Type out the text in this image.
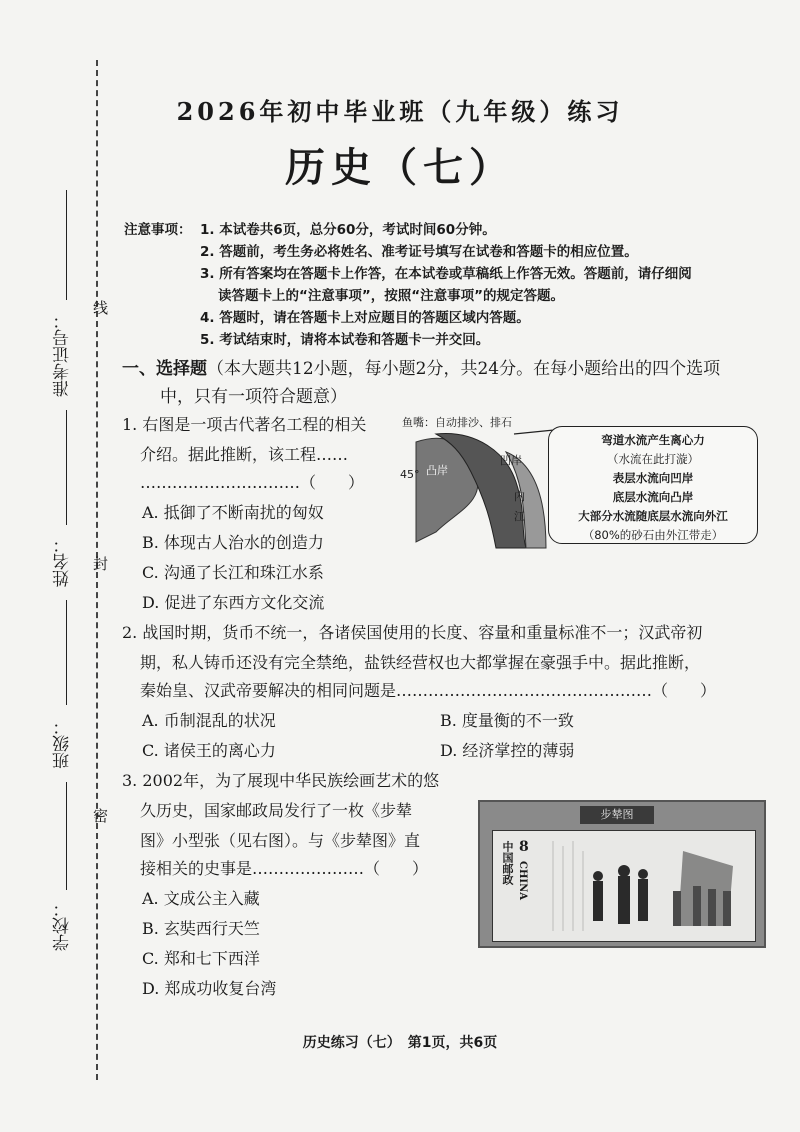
线
封
密
准考证号：
姓名：
班级：
学校：
2026年初中毕业班（九年级）练习
历史（七）
注意事项： 1. 本试卷共6页，总分60分，考试时间60分钟。
2. 答题前，考生务必将姓名、准考证号填写在试卷和答题卡的相应位置。
3. 所有答案均在答题卡上作答，在本试卷或草稿纸上作答无效。答题前，请仔细阅
读答题卡上的“注意事项”，按照“注意事项”的规定答题。
4. 答题时，请在答题卡上对应题目的答题区域内答题。
5. 考试结束时，请将本试卷和答题卡一并交回。
一、选择题（本大题共12小题，每小题2分，共24分。在每小题给出的四个选项
中，只有一项符合题意）
1. 右图是一项古代著名工程的相关
介绍。据此推断，该工程……
…………………………（　　）
A. 抵御了不断南扰的匈奴
B. 体现古人治水的创造力
C. 沟通了长江和珠江水系
D. 促进了东西方文化交流
鱼嘴：自动排沙、排石
45° 凸岸
凹岸
内
江
弯道水流产生离心力
（水流在此打漩）
表层水流向凹岸
底层水流向凸岸
大部分水流随底层水流向外江
（80%的砂石由外江带走）
2. 战国时期，货币不统一，各诸侯国使用的长度、容量和重量标准不一；汉武帝初
期，私人铸币还没有完全禁绝，盐铁经营权也大都掌握在豪强手中。据此推断，
秦始皇、汉武帝要解决的相同问题是…………………………………………（　　）
A. 币制混乱的状况	B. 度量衡的不一致
C. 诸侯王的离心力	D. 经济掌控的薄弱
3. 2002年，为了展现中华民族绘画艺术的悠
久历史，国家邮政局发行了一枚《步辇
图》小型张（见右图）。与《步辇图》直
接相关的史事是…………………（　　）
A. 文成公主入藏
B. 玄奘西行天竺
C. 郑和七下西洋
D. 郑成功收复台湾
步辇图
中国邮政 CHINA
8
历史练习（七）　第1页，共6页
